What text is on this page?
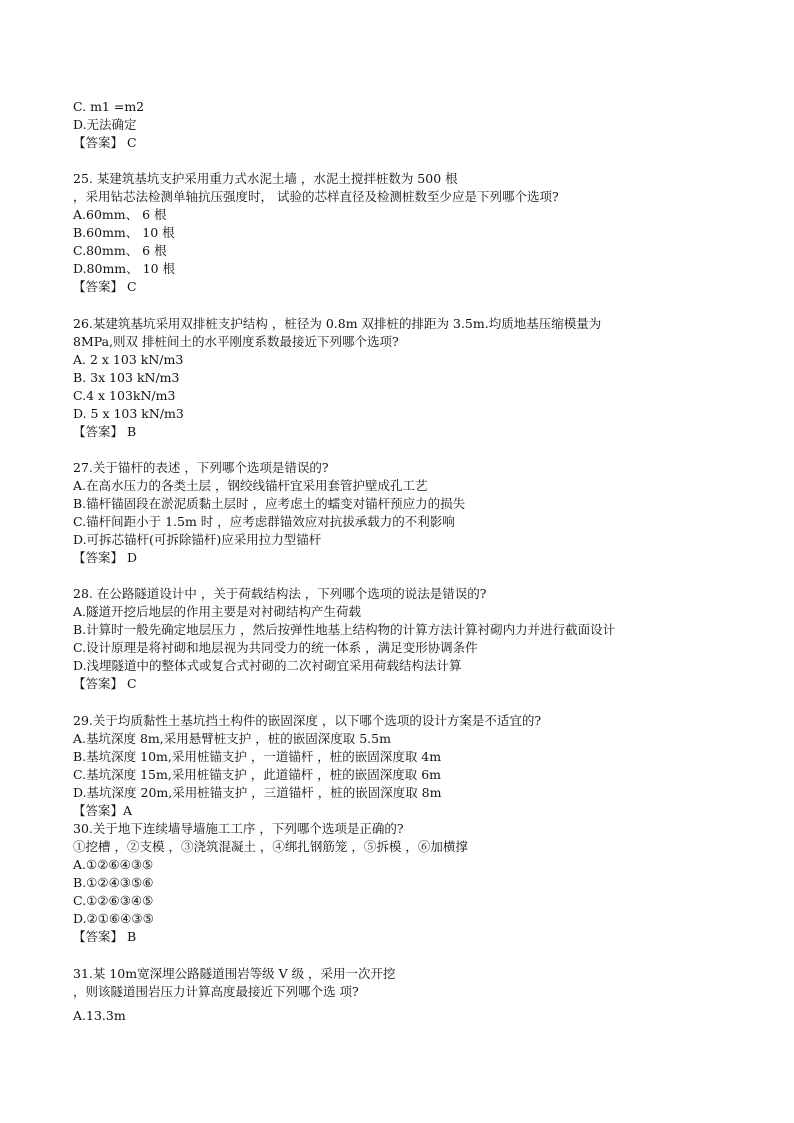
C. m1 =m2
D.无法确定
【答案】 C
25. 某建筑基坑支护采用重力式水泥土墙 ，水泥土搅拌桩数为 500 根
，采用钻芯法检测单轴抗压强度时， 试验的芯样直径及检测桩数至少应是下列哪个选项?
A.60mm、 6 根
B.60mm、 10 根
C.80mm、 6 根
D.80mm、 10 根
【答案】 C
26.某建筑基坑采用双排桩支护结构 ，桩径为 0.8m 双排桩的排距为 3.5m.均质地基压缩模量为
8MPa,则双 排桩间土的水平刚度系数最接近下列哪个选项?
A. 2 x 103 kN/m3
B. 3x 103 kN/m3
C.4 x 103kN/m3
D. 5 x 103 kN/m3
【答案】 B
27.关于锚杆的表述 ，下列哪个选项是错误的?
A.在高水压力的各类土层 ，钢绞线锚杆宜采用套管护壁成孔工艺
B.锚杆锚固段在淤泥质黏土层时 ，应考虑土的蠕变对锚杆预应力的损失
C.锚杆间距小于 1.5m 时 ，应考虑群锚效应对抗拔承载力的不利影响
D.可拆芯锚杆(可拆除锚杆)应采用拉力型锚杆
【答案】 D
28. 在公路隧道设计中 ，关于荷载结构法 ，下列哪个选项的说法是错误的?
A.隧道开挖后地层的作用主要是对衬砌结构产生荷载
B.计算时一般先确定地层压力 ，然后按弹性地基上结构物的计算方法计算衬砌内力并进行截面设计
C.设计原理是将衬砌和地层视为共同受力的统一体系 ，满足变形协调条件
D.浅埋隧道中的整体式或复合式衬砌的二次衬砌宜采用荷载结构法计算
【答案】 C
29.关于均质黏性土基坑挡土构件的嵌固深度 ，以下哪个选项的设计方案是不适宜的?
A.基坑深度 8m,采用悬臂桩支护 ，桩的嵌固深度取 5.5m
B.基坑深度 10m,采用桩锚支护 ，一道锚杆 ，桩的嵌固深度取 4m
C.基坑深度 15m,采用桩锚支护 ，此道锚杆 ，桩的嵌固深度取 6m
D.基坑深度 20m,采用桩锚支护 ，三道锚杆 ，桩的嵌固深度取 8m
【答案】A
30.关于地下连续墙导墙施工工序 ，下列哪个选项是正确的?
①挖槽 ，②支模 ，③浇筑混凝土 ，④绑扎钢筋笼 ，⑤拆模 ，⑥加横撑
A.①②⑥④③⑤
B.①②④③⑤⑥
C.①②⑥③④⑤
D.②①⑥④③⑤
【答案】 B
31.某 10m宽深埋公路隧道围岩等级 V 级 ，采用一次开挖
，则该隧道围岩压力计算高度最接近下列哪个选 项?
A.13.3m
